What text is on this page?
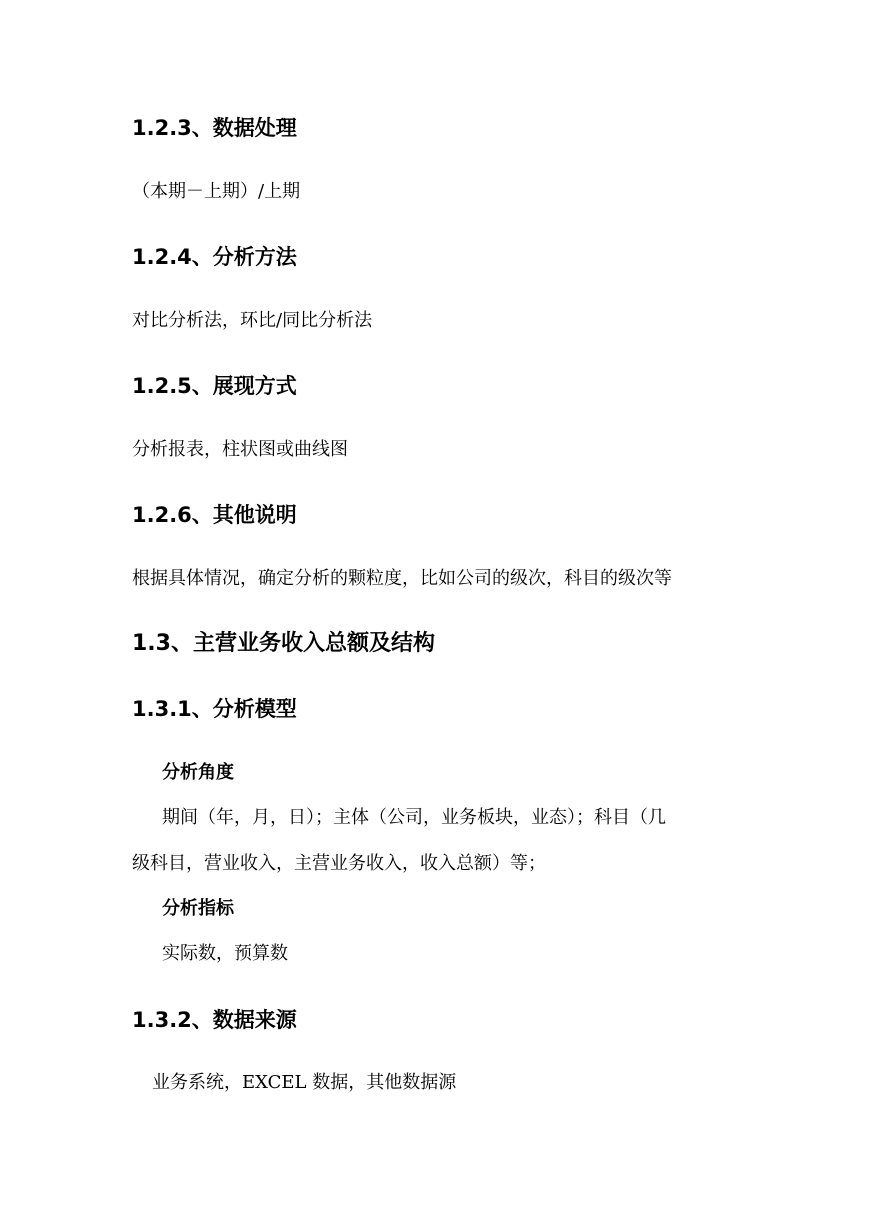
1.2.3、数据处理

（本期－上期）/上期

1.2.4、分析方法

对比分析法，环比/同比分析法

1.2.5、展现方式

分析报表，柱状图或曲线图

1.2.6、其他说明

根据具体情况，确定分析的颗粒度，比如公司的级次，科目的级次等

1.3、主营业务收入总额及结构
1.3.1、分析模型

分析角度

期间（年，月，日）；主体（公司，业务板块，业态）；科目（几

级科目，营业收入，主营业务收入，收入总额）等；

分析指标

实际数，预算数

1.3.2、数据来源

业务系统，EXCEL 数据，其他数据源
